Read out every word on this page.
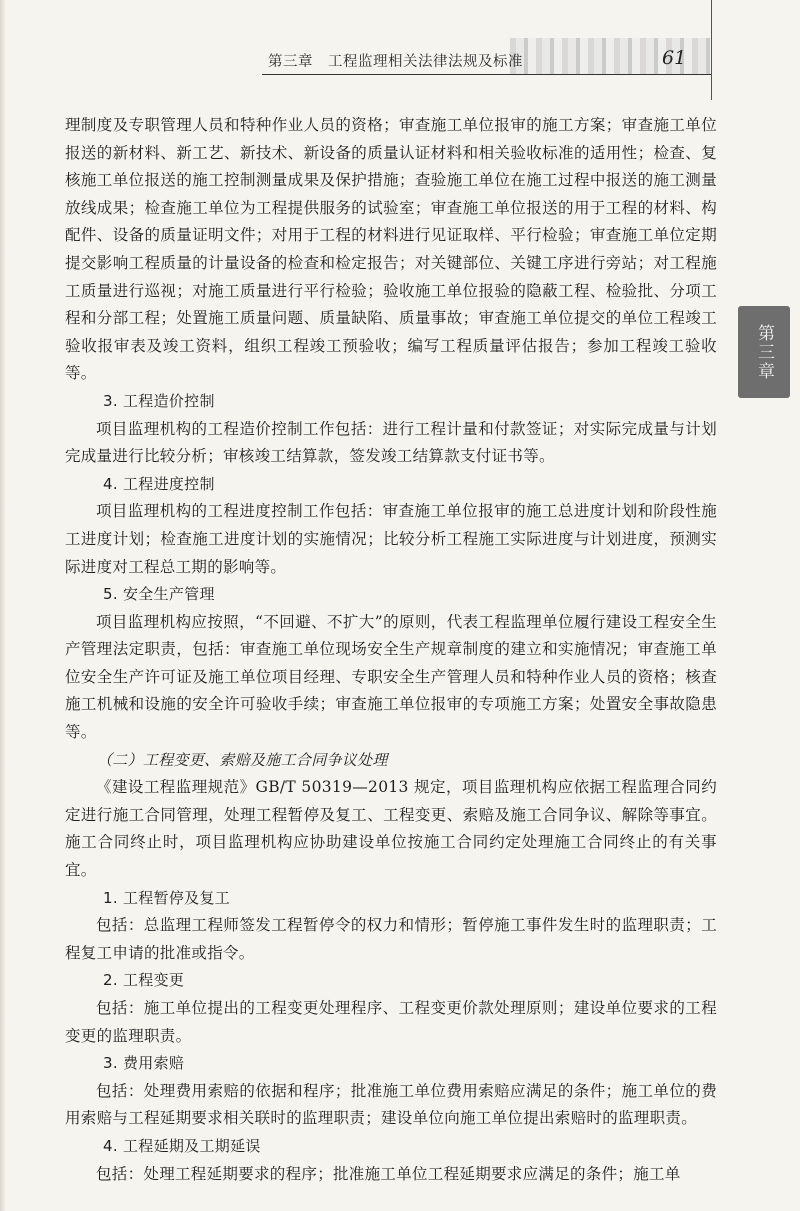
第三章　工程监理相关法律法规及标准	61
第三章

理制度及专职管理人员和特种作业人员的资格；审查施工单位报审的施工方案；审查施工单位报送的新材料、新工艺、新技术、新设备的质量认证材料和相关验收标准的适用性；检查、复核施工单位报送的施工控制测量成果及保护措施；查验施工单位在施工过程中报送的施工测量放线成果；检查施工单位为工程提供服务的试验室；审查施工单位报送的用于工程的材料、构配件、设备的质量证明文件；对用于工程的材料进行见证取样、平行检验；审查施工单位定期提交影响工程质量的计量设备的检查和检定报告；对关键部位、关键工序进行旁站；对工程施工质量进行巡视；对施工质量进行平行检验；验收施工单位报验的隐蔽工程、检验批、分项工程和分部工程；处置施工质量问题、质量缺陷、质量事故；审查施工单位提交的单位工程竣工验收报审表及竣工资料，组织工程竣工预验收；编写工程质量评估报告；参加工程竣工验收等。

3. 工程造价控制

项目监理机构的工程造价控制工作包括：进行工程计量和付款签证；对实际完成量与计划完成量进行比较分析；审核竣工结算款，签发竣工结算款支付证书等。

4. 工程进度控制

项目监理机构的工程进度控制工作包括：审查施工单位报审的施工总进度计划和阶段性施工进度计划；检查施工进度计划的实施情况；比较分析工程施工实际进度与计划进度，预测实际进度对工程总工期的影响等。

5. 安全生产管理

项目监理机构应按照，“不回避、不扩大”的原则，代表工程监理单位履行建设工程安全生产管理法定职责，包括：审查施工单位现场安全生产规章制度的建立和实施情况；审查施工单位安全生产许可证及施工单位项目经理、专职安全生产管理人员和特种作业人员的资格；核查施工机械和设施的安全许可验收手续；审查施工单位报审的专项施工方案；处置安全事故隐患等。

（二）工程变更、索赔及施工合同争议处理

《建设工程监理规范》GB/T 50319—2013 规定，项目监理机构应依据工程监理合同约定进行施工合同管理，处理工程暂停及复工、工程变更、索赔及施工合同争议、解除等事宜。施工合同终止时，项目监理机构应协助建设单位按施工合同约定处理施工合同终止的有关事宜。

1. 工程暂停及复工

包括：总监理工程师签发工程暂停令的权力和情形；暂停施工事件发生时的监理职责；工程复工申请的批准或指令。

2. 工程变更

包括：施工单位提出的工程变更处理程序、工程变更价款处理原则；建设单位要求的工程变更的监理职责。

3. 费用索赔

包括：处理费用索赔的依据和程序；批准施工单位费用索赔应满足的条件；施工单位的费用索赔与工程延期要求相关联时的监理职责；建设单位向施工单位提出索赔时的监理职责。

4. 工程延期及工期延误

包括：处理工程延期要求的程序；批准施工单位工程延期要求应满足的条件；施工单
